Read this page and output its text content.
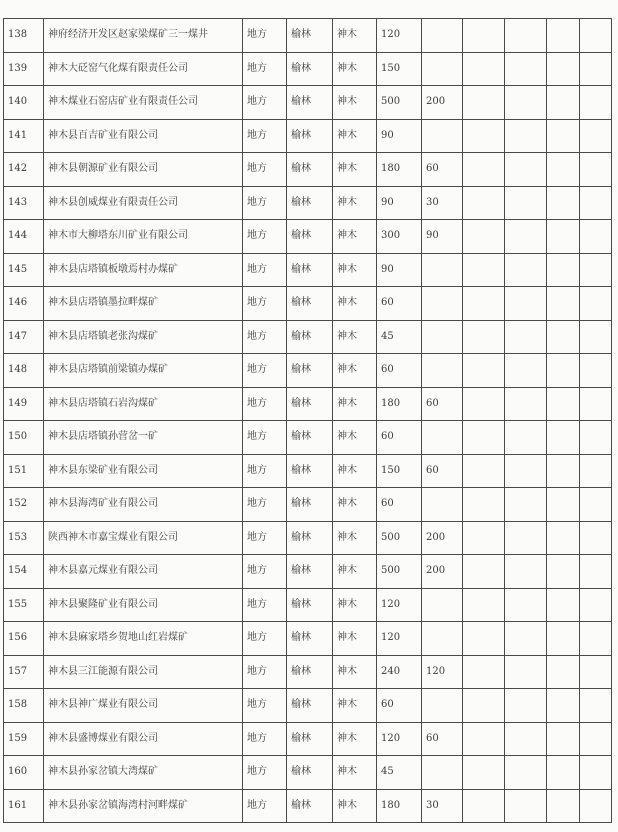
138	神府经济开发区赵家梁煤矿三一煤井	地方	榆林	神木	120					
139	神木大砭窑气化煤有限责任公司	地方	榆林	神木	150					
140	神木煤业石窑店矿业有限责任公司	地方	榆林	神木	500	200				
141	神木县百吉矿业有限公司	地方	榆林	神木	90					
142	神木县朝源矿业有限公司	地方	榆林	神木	180	60				
143	神木县创威煤业有限责任公司	地方	榆林	神木	90	30				
144	神木市大柳塔东川矿业有限公司	地方	榆林	神木	300	90				
145	神木县店塔镇板墩焉村办煤矿	地方	榆林	神木	90					
146	神木县店塔镇墨拉畔煤矿	地方	榆林	神木	60					
147	神木县店塔镇老张沟煤矿	地方	榆林	神木	45					
148	神木县店塔镇前梁镇办煤矿	地方	榆林	神木	60					
149	神木县店塔镇石岩沟煤矿	地方	榆林	神木	180	60				
150	神木县店塔镇孙营岔一矿	地方	榆林	神木	60					
151	神木县东梁矿业有限公司	地方	榆林	神木	150	60				
152	神木县海湾矿业有限公司	地方	榆林	神木	60					
153	陕西神木市嘉宝煤业有限公司	地方	榆林	神木	500	200				
154	神木县嘉元煤业有限公司	地方	榆林	神木	500	200				
155	神木县聚隆矿业有限公司	地方	榆林	神木	120					
156	神木县麻家塔乡贺地山红岩煤矿	地方	榆林	神木	120					
157	神木县三江能源有限公司	地方	榆林	神木	240	120				
158	神木县神广煤业有限公司	地方	榆林	神木	60					
159	神木县盛博煤业有限公司	地方	榆林	神木	120	60				
160	神木县孙家岔镇大湾煤矿	地方	榆林	神木	45					
161	神木县孙家岔镇海湾村河畔煤矿	地方	榆林	神木	180	30				
